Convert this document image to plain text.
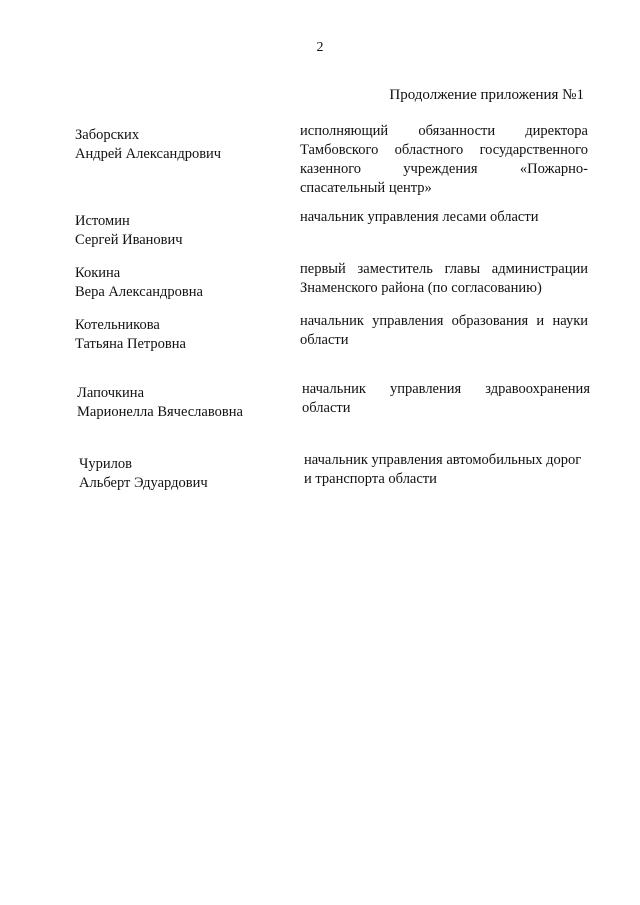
2
Продолжение приложения №1
Заборских
Андрей Александрович
исполняющий обязанности директора Тамбовского областного государственного казенного учреждения «Пожарно-спасательный центр»
Истомин
Сергей Иванович
начальник управления лесами области
Кокина
Вера Александровна
первый заместитель главы администрации Знаменского района (по согласованию)
Котельникова
Татьяна Петровна
начальник управления образования и науки области
Лапочкина
Марионелла Вячеславовна
начальник управления здравоохранения области
Чурилов
Альберт Эдуардович
начальник управления автомобильных дорог и транспорта области
